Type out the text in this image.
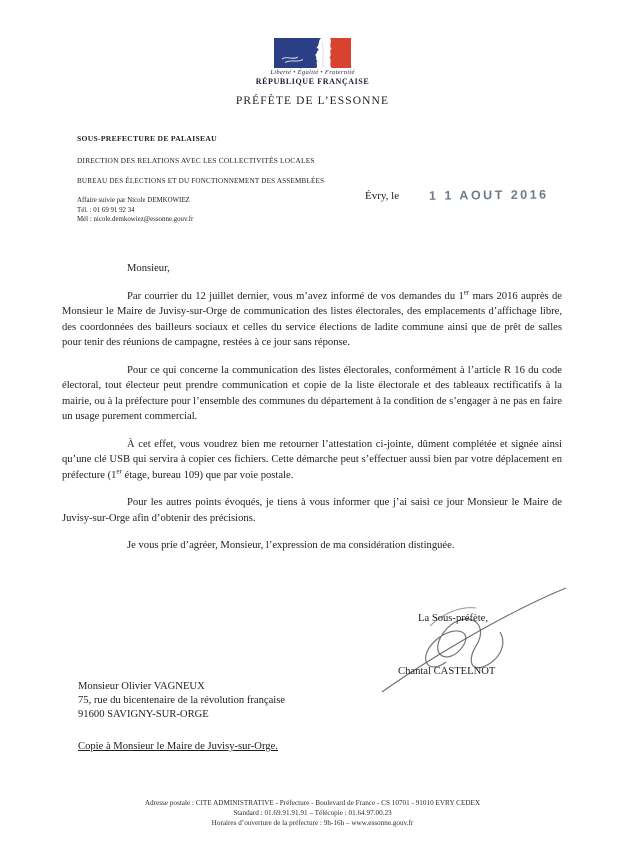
Liberté • Égalité • Fraternité
RÉPUBLIQUE FRANÇAISE
PRÉFÈTE DE L’ESSONNE
SOUS-PREFECTURE DE PALAISEAU
DIRECTION DES RELATIONS AVEC LES COLLECTIVITÉS LOCALES
BUREAU DES ÉLECTIONS ET DU FONCTIONNEMENT DES ASSEMBLÉES
Affaire suivie par Nicole DEMKOWIEZ
Tél. : 01 69 91 92 34
Mél : nicole.demkowiez@essonne.gouv.fr
Évry, le 1 1 AOUT 2016

Monsieur,

Par courrier du 12 juillet dernier, vous m’avez informé de vos demandes du 1er mars 2016 auprès de Monsieur le Maire de Juvisy-sur-Orge de communication des listes électorales, des emplacements d’affichage libre, des coordonnées des bailleurs sociaux et celles du service élections de ladite commune ainsi que de prêt de salles pour tenir des réunions de campagne, restées à ce jour sans réponse.

Pour ce qui concerne la communication des listes électorales, conformément à l’article R 16 du code électoral, tout électeur peut prendre communication et copie de la liste électorale et des tableaux rectificatifs à la mairie, ou à la préfecture pour l’ensemble des communes du département à la condition de s’engager à ne pas en faire un usage purement commercial.

À cet effet, vous voudrez bien me retourner l’attestation ci-jointe, dûment complétée et signée ainsi qu’une clé USB qui servira à copier ces fichiers. Cette démarche peut s’effectuer aussi bien par votre déplacement en préfecture (1er étage, bureau 109) que par voie postale.

Pour les autres points évoqués, je tiens à vous informer que j’ai saisi ce jour Monsieur le Maire de Juvisy-sur-Orge afin d’obtenir des précisions.

Je vous prie d’agréer, Monsieur, l’expression de ma considération distinguée.

La Sous-préfète,
Chantal CASTELNOT
Monsieur Olivier VAGNEUX
75, rue du bicentenaire de la révolution française
91600 SAVIGNY-SUR-ORGE
Copie à Monsieur le Maire de Juvisy-sur-Orge.
Adresse postale : CITE ADMINISTRATIVE - Préfecture - Boulevard de France - CS 10701 - 91010 EVRY CEDEX
Standard : 01.69.91.91.91 – Télécopie : 01.64.97.00.23
Horaires d’ouverture de la préfecture : 9h-16h – www.essonne.gouv.fr
